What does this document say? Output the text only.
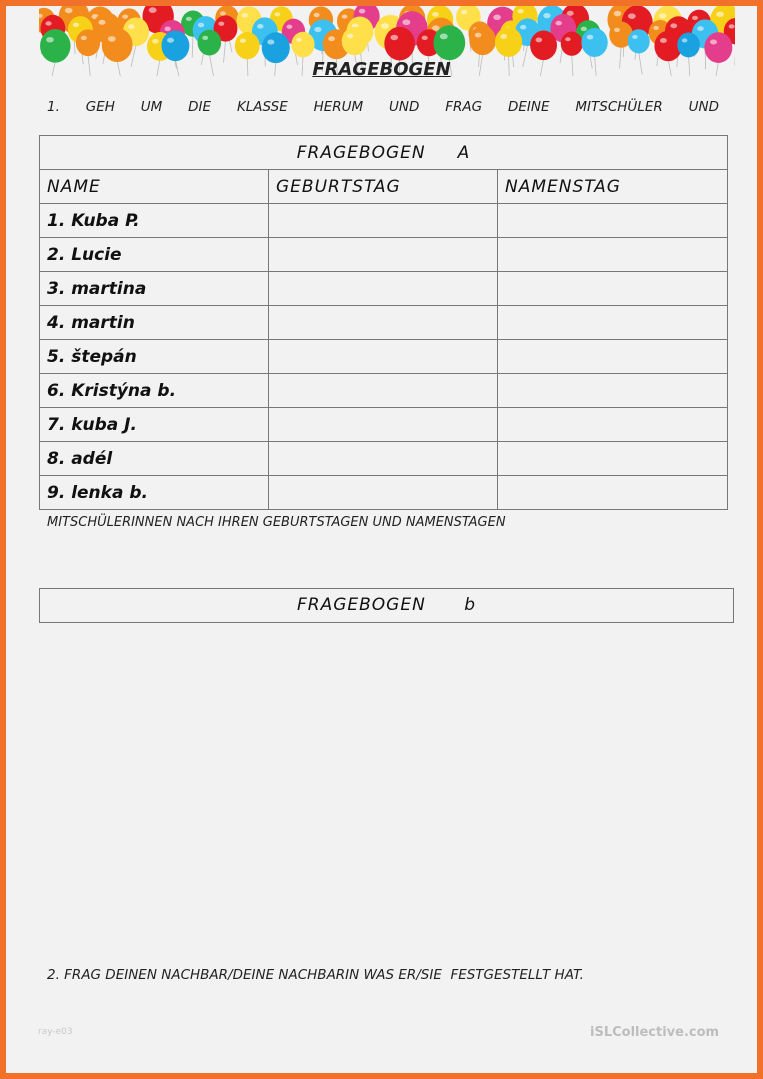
FRAGEBOGEN
1. GEH UM DIE KLASSE HERUM UND FRAG DEINE MITSCHÜLER UND
FRAGEBOGEN     A		
NAME	GEBURTSTAG	NAMENSTAG
1. Kuba P.		
2. Lucie		
3. martina		
4. martin		
5. štepán		
6. Kristýna b.		
7. kuba J.		
8. adél		
9. lenka b.		
MITSCHÜLERINNEN NACH IHREN GEBURTSTAGEN UND NAMENSTAGEN
FRAGEBOGEN      b
2. FRAG DEINEN NACHBAR/DEINE NACHBARIN WAS ER/SIE  FESTGESTELLT HAT.
ray-e03	iSLCollective.com
